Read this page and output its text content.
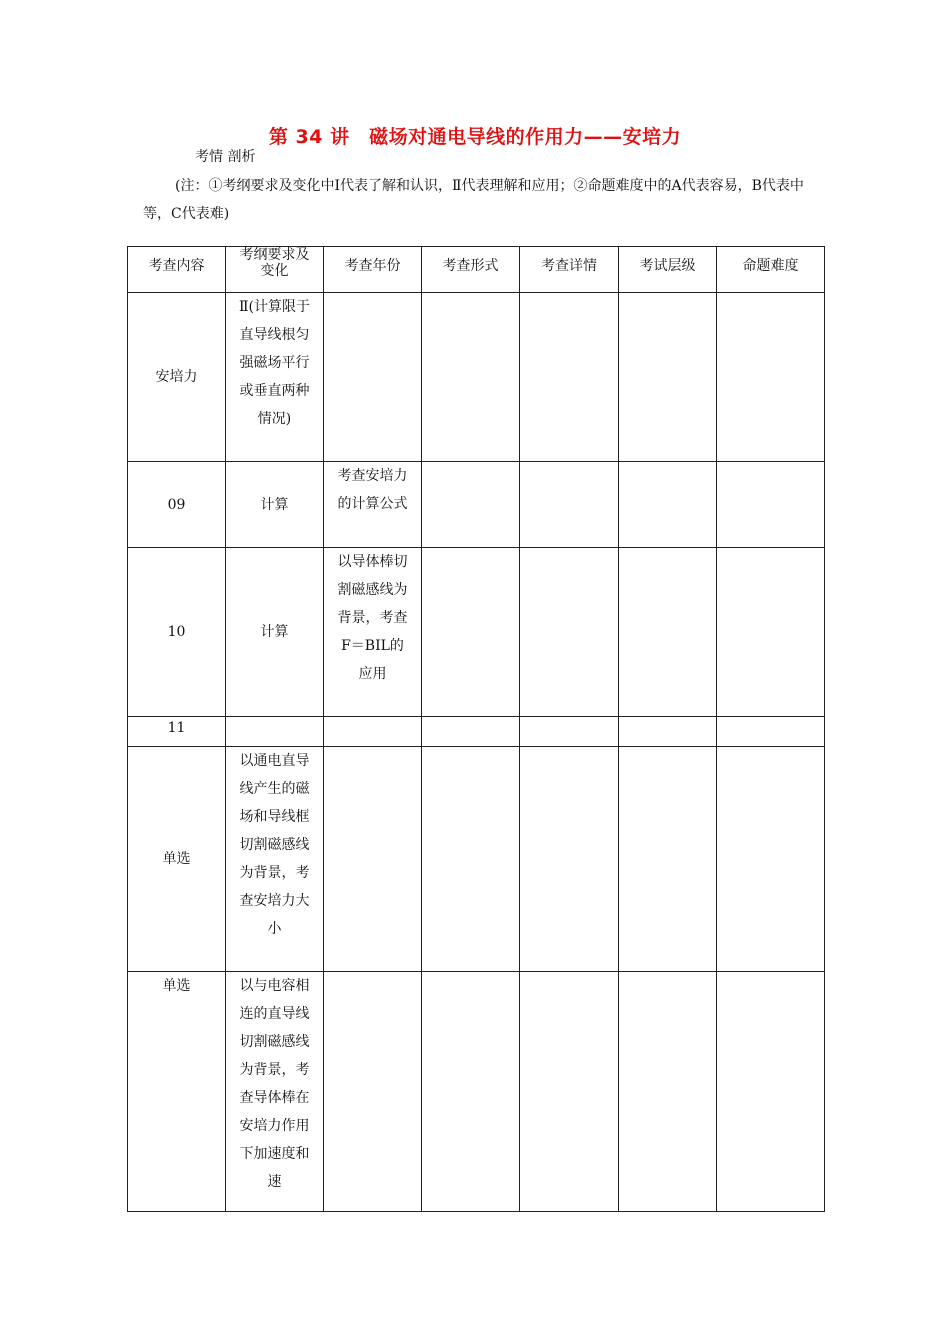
第 34 讲　磁场对通电导线的作用力——安培力
考情 剖析
(注：①考纲要求及变化中Ⅰ代表了解和认识，Ⅱ代表理解和应用；②命题难度中的A代表容易，B代表中等，C代表难)
考查内容	考纲要求及变化	考查年份	考查形式	考查详情	考试层级	命题难度

安培力	Ⅱ(计算限于直导线根匀强磁场平行或垂直两种情况)					

09	计算	考查安培力的计算公式				

10	计算	以导体棒切割磁感线为背景，考查F＝BIL的应用				

11						

单选	以通电直导线产生的磁场和导线框切割磁感线为背景，考查安培力大小					

单选	以与电容相连的直导线切割磁感线为背景，考查导体棒在安培力作用下加速度和速					
